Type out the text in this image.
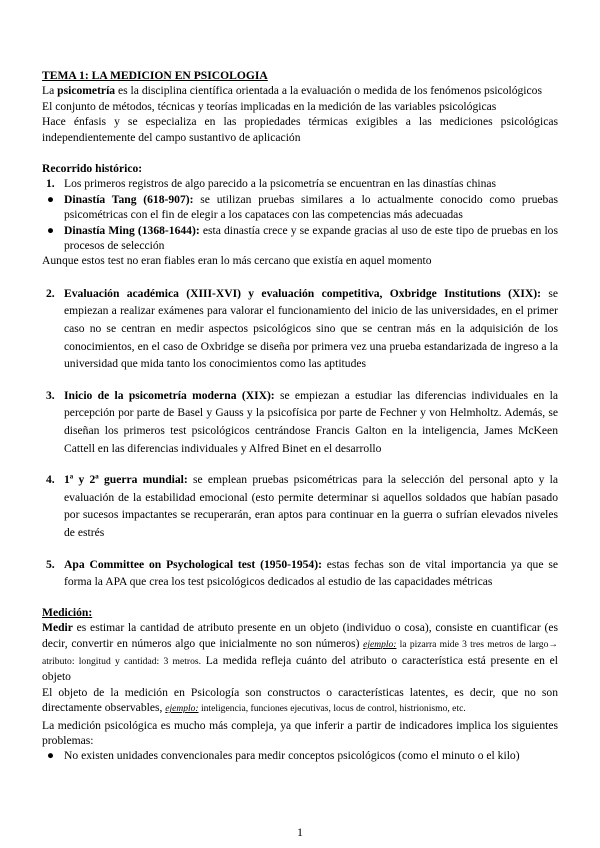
TEMA 1: LA MEDICION EN PSICOLOGIA

La psicometría es la disciplina científica orientada a la evaluación o medida de los fenómenos psicológicos

El conjunto de métodos, técnicas y teorías implicadas en la medición de las variables psicológicas

Hace énfasis y se especializa en las propiedades térmicas exigibles a las mediciones psicológicas independientemente del campo sustantivo de aplicación

Recorrido histórico:

1. Los primeros registros de algo parecido a la psicometría se encuentran en las dinastías chinas

● Dinastía Tang (618-907): se utilizan pruebas similares a lo actualmente conocido como pruebas psicométricas con el fin de elegir a los capataces con las competencias más adecuadas

● Dinastía Ming (1368-1644): esta dinastía crece y se expande gracias al uso de este tipo de pruebas en los procesos de selección

Aunque estos test no eran fiables eran lo más cercano que existía en aquel momento

2. Evaluación académica (XIII-XVI) y evaluación competitiva, Oxbridge Institutions (XIX): se empiezan a realizar exámenes para valorar el funcionamiento del inicio de las universidades, en el primer caso no se centran en medir aspectos psicológicos sino que se centran más en la adquisición de los conocimientos, en el caso de Oxbridge se diseña por primera vez una prueba estandarizada de ingreso a la universidad que mida tanto los conocimientos como las aptitudes

3. Inicio de la psicometría moderna (XIX): se empiezan a estudiar las diferencias individuales en la percepción por parte de Basel y Gauss y la psicofísica por parte de Fechner y von Helmholtz. Además, se diseñan los primeros test psicológicos centrándose Francis Galton en la inteligencia, James McKeen Cattell en las diferencias individuales y Alfred Binet en el desarrollo

4. 1ª y 2ª guerra mundial: se emplean pruebas psicométricas para la selección del personal apto y la evaluación de la estabilidad emocional (esto permite determinar si aquellos soldados que habían pasado por sucesos impactantes se recuperarán, eran aptos para continuar en la guerra o sufrían elevados niveles de estrés

5. Apa Committee on Psychological test (1950-1954): estas fechas son de vital importancia ya que se forma la APA que crea los test psicológicos dedicados al estudio de las capacidades métricas

Medición:

Medir es estimar la cantidad de atributo presente en un objeto (individuo o cosa), consiste en cuantificar (es decir, convertir en números algo que inicialmente no son números) ejemplo: la pizarra mide 3 tres metros de largo→ atributo: longitud y cantidad: 3 metros. La medida refleja cuánto del atributo o característica está presente en el objeto

El objeto de la medición en Psicología son constructos o características latentes, es decir, que no son directamente observables, ejemplo: inteligencia, funciones ejecutivas, locus de control, histrionismo, etc.

La medición psicológica es mucho más compleja, ya que inferir a partir de indicadores implica los siguientes problemas:

● No existen unidades convencionales para medir conceptos psicológicos (como el minuto o el kilo)

1
